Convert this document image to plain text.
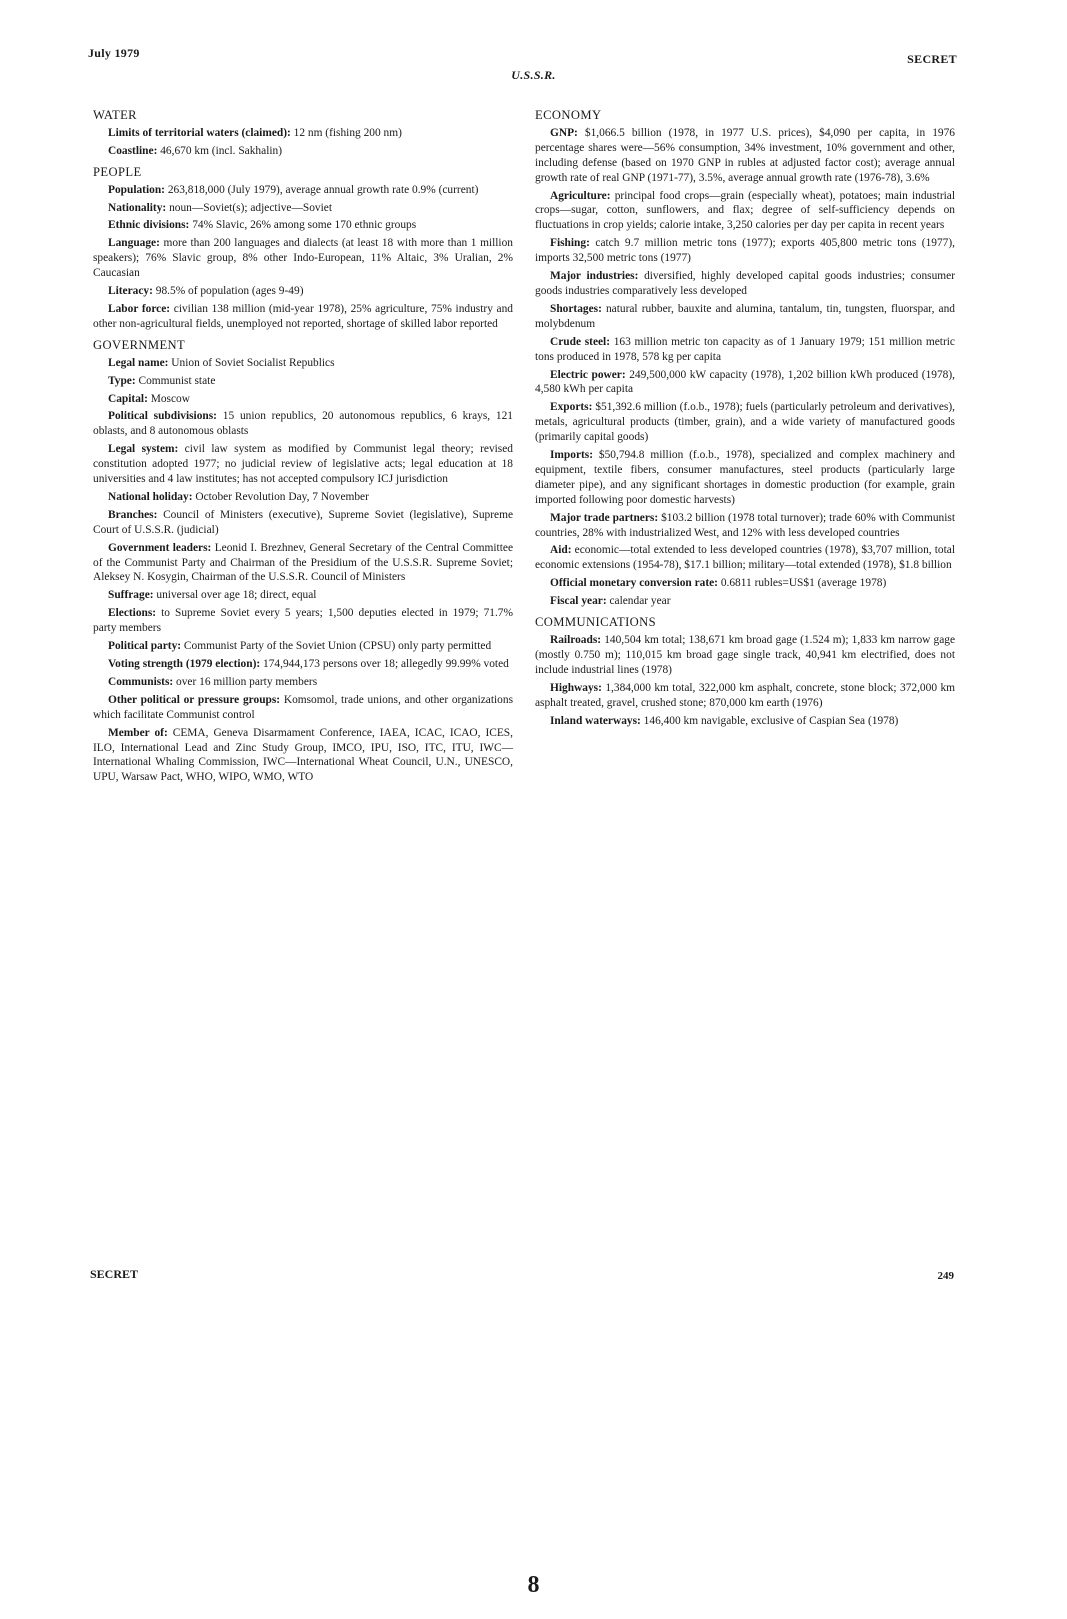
July 1979	SECRET
U.S.S.R.
WATER

Limits of territorial waters (claimed): 12 nm (fishing 200 nm)

Coastline: 46,670 km (incl. Sakhalin)

PEOPLE

Population: 263,818,000 (July 1979), average annual growth rate 0.9% (current)

Nationality: noun—Soviet(s); adjective—Soviet

Ethnic divisions: 74% Slavic, 26% among some 170 ethnic groups

Language: more than 200 languages and dialects (at least 18 with more than 1 million speakers); 76% Slavic group, 8% other Indo-European, 11% Altaic, 3% Uralian, 2% Caucasian

Literacy: 98.5% of population (ages 9-49)

Labor force: civilian 138 million (mid-year 1978), 25% agriculture, 75% industry and other non-agricultural fields, unemployed not reported, shortage of skilled labor reported

GOVERNMENT

Legal name: Union of Soviet Socialist Republics

Type: Communist state

Capital: Moscow

Political subdivisions: 15 union republics, 20 autonomous republics, 6 krays, 121 oblasts, and 8 autonomous oblasts

Legal system: civil law system as modified by Communist legal theory; revised constitution adopted 1977; no judicial review of legislative acts; legal education at 18 universities and 4 law institutes; has not accepted compulsory ICJ jurisdiction

National holiday: October Revolution Day, 7 November

Branches: Council of Ministers (executive), Supreme Soviet (legislative), Supreme Court of U.S.S.R. (judicial)

Government leaders: Leonid I. Brezhnev, General Secretary of the Central Committee of the Communist Party and Chairman of the Presidium of the U.S.S.R. Supreme Soviet; Aleksey N. Kosygin, Chairman of the U.S.S.R. Council of Ministers

Suffrage: universal over age 18; direct, equal

Elections: to Supreme Soviet every 5 years; 1,500 deputies elected in 1979; 71.7% party members

Political party: Communist Party of the Soviet Union (CPSU) only party permitted

Voting strength (1979 election): 174,944,173 persons over 18; allegedly 99.99% voted

Communists: over 16 million party members

Other political or pressure groups: Komsomol, trade unions, and other organizations which facilitate Communist control

Member of: CEMA, Geneva Disarmament Conference, IAEA, ICAC, ICAO, ICES, ILO, International Lead and Zinc Study Group, IMCO, IPU, ISO, ITC, ITU, IWC—International Whaling Commission, IWC—International Wheat Council, U.N., UNESCO, UPU, Warsaw Pact, WHO, WIPO, WMO, WTO

ECONOMY

GNP: $1,066.5 billion (1978, in 1977 U.S. prices), $4,090 per capita, in 1976 percentage shares were—56% consumption, 34% investment, 10% government and other, including defense (based on 1970 GNP in rubles at adjusted factor cost); average annual growth rate of real GNP (1971-77), 3.5%, average annual growth rate (1976-78), 3.6%

Agriculture: principal food crops—grain (especially wheat), potatoes; main industrial crops—sugar, cotton, sunflowers, and flax; degree of self-sufficiency depends on fluctuations in crop yields; calorie intake, 3,250 calories per day per capita in recent years

Fishing: catch 9.7 million metric tons (1977); exports 405,800 metric tons (1977), imports 32,500 metric tons (1977)

Major industries: diversified, highly developed capital goods industries; consumer goods industries comparatively less developed

Shortages: natural rubber, bauxite and alumina, tantalum, tin, tungsten, fluorspar, and molybdenum

Crude steel: 163 million metric ton capacity as of 1 January 1979; 151 million metric tons produced in 1978, 578 kg per capita

Electric power: 249,500,000 kW capacity (1978), 1,202 billion kWh produced (1978), 4,580 kWh per capita

Exports: $51,392.6 million (f.o.b., 1978); fuels (particularly petroleum and derivatives), metals, agricultural products (timber, grain), and a wide variety of manufactured goods (primarily capital goods)

Imports: $50,794.8 million (f.o.b., 1978), specialized and complex machinery and equipment, textile fibers, consumer manufactures, steel products (particularly large diameter pipe), and any significant shortages in domestic production (for example, grain imported following poor domestic harvests)

Major trade partners: $103.2 billion (1978 total turnover); trade 60% with Communist countries, 28% with industrialized West, and 12% with less developed countries

Aid: economic—total extended to less developed countries (1978), $3,707 million, total economic extensions (1954-78), $17.1 billion; military—total extended (1978), $1.8 billion

Official monetary conversion rate: 0.6811 rubles=US$1 (average 1978)

Fiscal year: calendar year

COMMUNICATIONS

Railroads: 140,504 km total; 138,671 km broad gage (1.524 m); 1,833 km narrow gage (mostly 0.750 m); 110,015 km broad gage single track, 40,941 km electrified, does not include industrial lines (1978)

Highways: 1,384,000 km total, 322,000 km asphalt, concrete, stone block; 372,000 km asphalt treated, gravel, crushed stone; 870,000 km earth (1976)

Inland waterways: 146,400 km navigable, exclusive of Caspian Sea (1978)

SECRET	249
8
